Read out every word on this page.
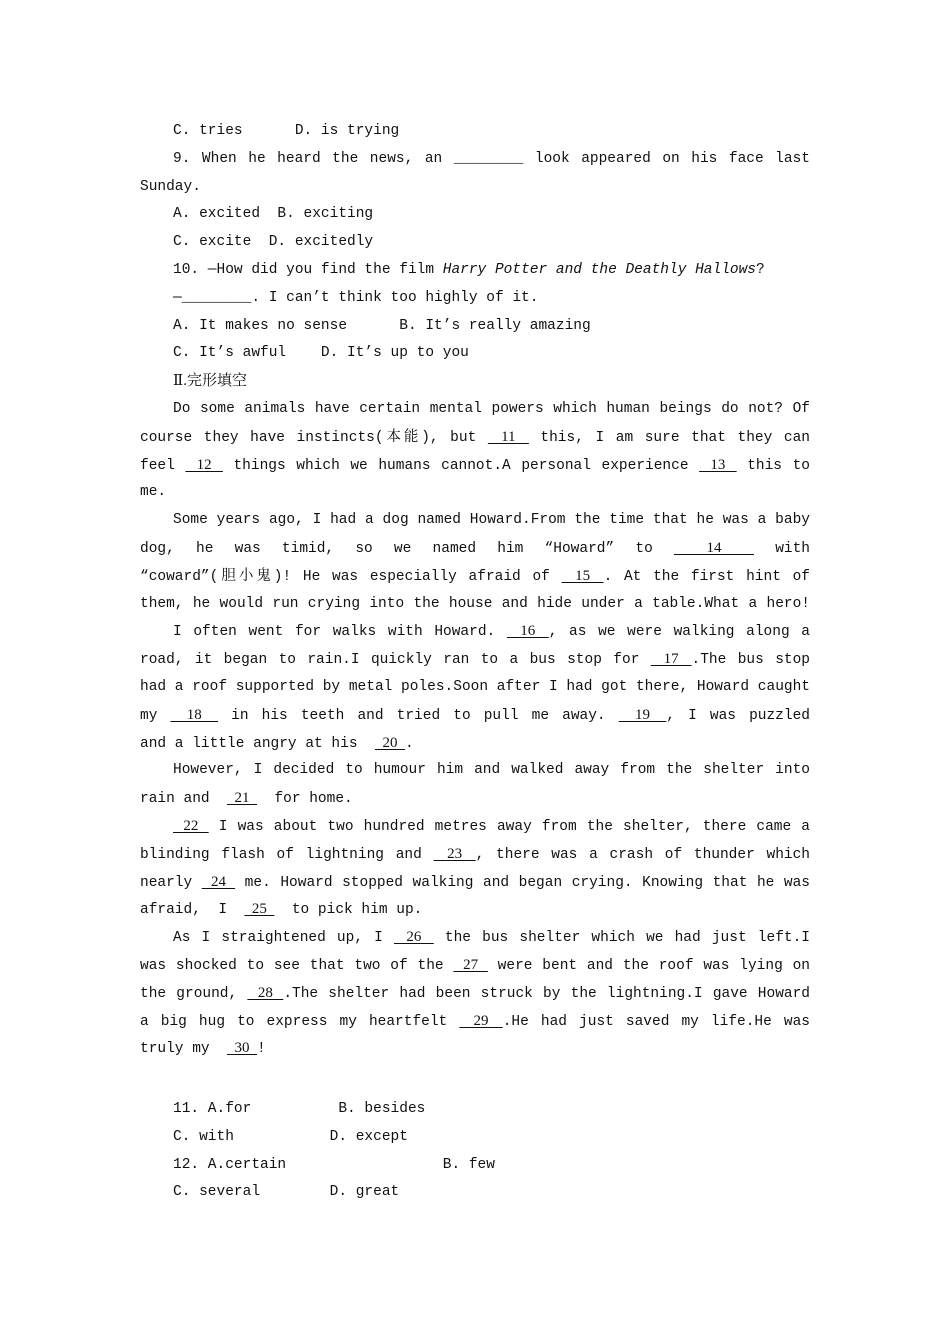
C. tries      D. is trying
9. When he heard the news, an ________ look appeared on his face last
Sunday.
A. excited  B. exciting
C. excite  D. excitedly
10. —How did you find the film Harry Potter and the Deathly Hallows?
—________. I can’t think too highly of it.
A. It makes no sense      B. It’s really amazing
C. It’s awful    D. It’s up to you
Ⅱ.完形填空
Do some animals have certain mental powers which human beings do not? Of
course they have instincts(本能), but   11   this, I am sure that they can
feel   12   things which we humans cannot.A personal experience   13   this to
me.
Some years ago, I had a dog named Howard.From the time that he was a baby
dog, he was timid, so we named him “Howard” to   14   with
“coward”(胆小鬼)! He was especially afraid of   15  . At the first hint of
them, he would run crying into the house and hide under a table.What a hero!
I often went for walks with Howard.   16  , as we were walking along a
road, it began to rain.I quickly ran to a bus stop for   17  .The bus stop
had a roof supported by metal poles.Soon after I had got there, Howard caught
my   18   in his teeth and tried to pull me away.   19  , I was puzzled
and a little angry at his    20  .
However, I decided to humour him and walked away from the shelter into
rain and    21    for home.
22   I was about two hundred metres away from the shelter, there came a
blinding flash of lightning and   23  , there was a crash of thunder which
nearly   24   me. Howard stopped walking and began crying. Knowing that he was
afraid,  I    25    to pick him up.
As I straightened up, I   26   the bus shelter which we had just left.I
was shocked to see that two of the   27   were bent and the roof was lying on
the ground,   28  .The shelter had been struck by the lightning.I gave Howard
a big hug to express my heartfelt   29  .He had just saved my life.He was
truly my    30  !
11. A.for          B. besides
C. with           D. except
12. A.certain                  B. few
C. several        D. great
